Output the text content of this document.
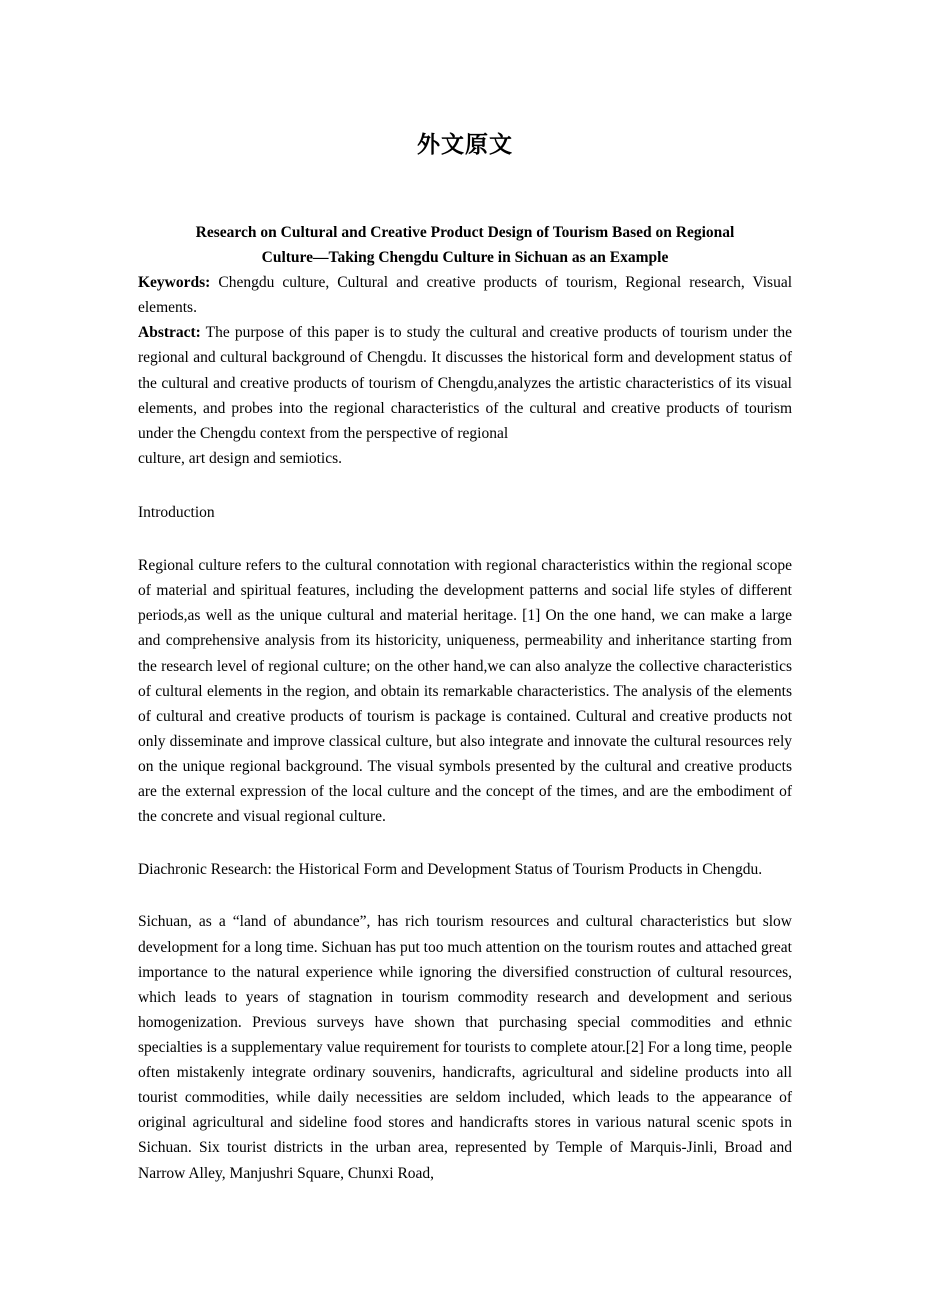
外文原文
Research on Cultural and Creative Product Design of Tourism Based on Regional
Culture—Taking Chengdu Culture in Sichuan as an Example

Keywords: Chengdu culture, Cultural and creative products of tourism, Regional research, Visual elements.

Abstract: The purpose of this paper is to study the cultural and creative products of tourism under the regional and cultural background of Chengdu. It discusses the historical form and development status of the cultural and creative products of tourism of Chengdu,analyzes the artistic characteristics of its visual elements, and probes into the regional characteristics of the cultural and creative products of tourism under the Chengdu context from the perspective of regional

culture, art design and semiotics.

Introduction

Regional culture refers to the cultural connotation with regional characteristics within the regional scope of material and spiritual features, including the development patterns and social life styles of different periods,as well as the unique cultural and material heritage. [1] On the one hand, we can make a large and comprehensive analysis from its historicity, uniqueness, permeability and inheritance starting from the research level of regional culture; on the other hand,we can also analyze the collective characteristics of cultural elements in the region, and obtain its remarkable characteristics. The analysis of the elements of cultural and creative products of tourism is package is contained. Cultural and creative products not only disseminate and improve classical culture, but also integrate and innovate the cultural resources rely on the unique regional background. The visual symbols presented by the cultural and creative products are the external expression of the local culture and the concept of the times, and are the embodiment of the concrete and visual regional culture.

Diachronic Research: the Historical Form and Development Status of Tourism Products in Chengdu.

Sichuan, as a “land of abundance”, has rich tourism resources and cultural characteristics but slow development for a long time. Sichuan has put too much attention on the tourism routes and attached great importance to the natural experience while ignoring the diversified construction of cultural resources, which leads to years of stagnation in tourism commodity research and development and serious homogenization. Previous surveys have shown that purchasing special commodities and ethnic specialties is a supplementary value requirement for tourists to complete atour.[2] For a long time, people often mistakenly integrate ordinary souvenirs, handicrafts, agricultural and sideline products into all tourist commodities, while daily necessities are seldom included, which leads to the appearance of original agricultural and sideline food stores and handicrafts stores in various natural scenic spots in Sichuan. Six tourist districts in the urban area, represented by Temple of Marquis-Jinli, Broad and Narrow Alley, Manjushri Square, Chunxi Road,
